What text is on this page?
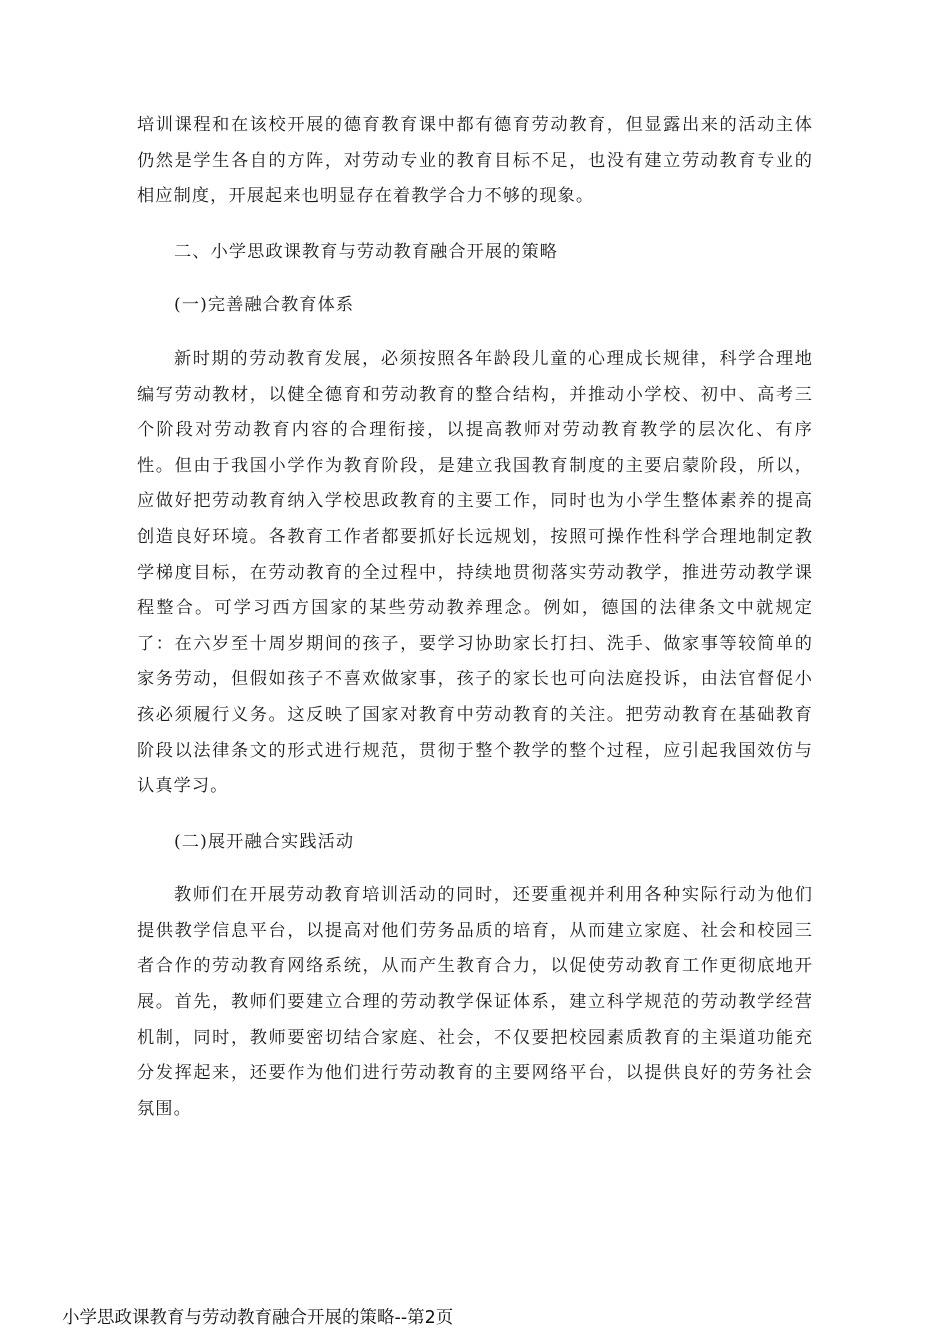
培训课程和在该校开展的德育教育课中都有德育劳动教育，但显露出来的活动主体仍然是学生各自的方阵，对劳动专业的教育目标不足，也没有建立劳动教育专业的相应制度，开展起来也明显存在着教学合力不够的现象。

二、小学思政课教育与劳动教育融合开展的策略

(一)完善融合教育体系

新时期的劳动教育发展，必须按照各年龄段儿童的心理成长规律，科学合理地编写劳动教材，以健全德育和劳动教育的整合结构，并推动小学校、初中、高考三个阶段对劳动教育内容的合理衔接，以提高教师对劳动教育教学的层次化、有序性。但由于我国小学作为教育阶段，是建立我国教育制度的主要启蒙阶段，所以，应做好把劳动教育纳入学校思政教育的主要工作，同时也为小学生整体素养的提高创造良好环境。各教育工作者都要抓好长远规划，按照可操作性科学合理地制定教学梯度目标，在劳动教育的全过程中，持续地贯彻落实劳动教学，推进劳动教学课程整合。可学习西方国家的某些劳动教养理念。例如，德国的法律条文中就规定了：在六岁至十周岁期间的孩子，要学习协助家长打扫、洗手、做家事等较简单的家务劳动，但假如孩子不喜欢做家事，孩子的家长也可向法庭投诉，由法官督促小孩必须履行义务。这反映了国家对教育中劳动教育的关注。把劳动教育在基础教育阶段以法律条文的形式进行规范，贯彻于整个教学的整个过程，应引起我国效仿与认真学习。

(二)展开融合实践活动

教师们在开展劳动教育培训活动的同时，还要重视并利用各种实际行动为他们提供教学信息平台，以提高对他们劳务品质的培育，从而建立家庭、社会和校园三者合作的劳动教育网络系统，从而产生教育合力，以促使劳动教育工作更彻底地开展。首先，教师们要建立合理的劳动教学保证体系，建立科学规范的劳动教学经营机制，同时，教师要密切结合家庭、社会，不仅要把校园素质教育的主渠道功能充分发挥起来，还要作为他们进行劳动教育的主要网络平台，以提供良好的劳务社会氛围。

小学思政课教育与劳动教育融合开展的策略--第2页
